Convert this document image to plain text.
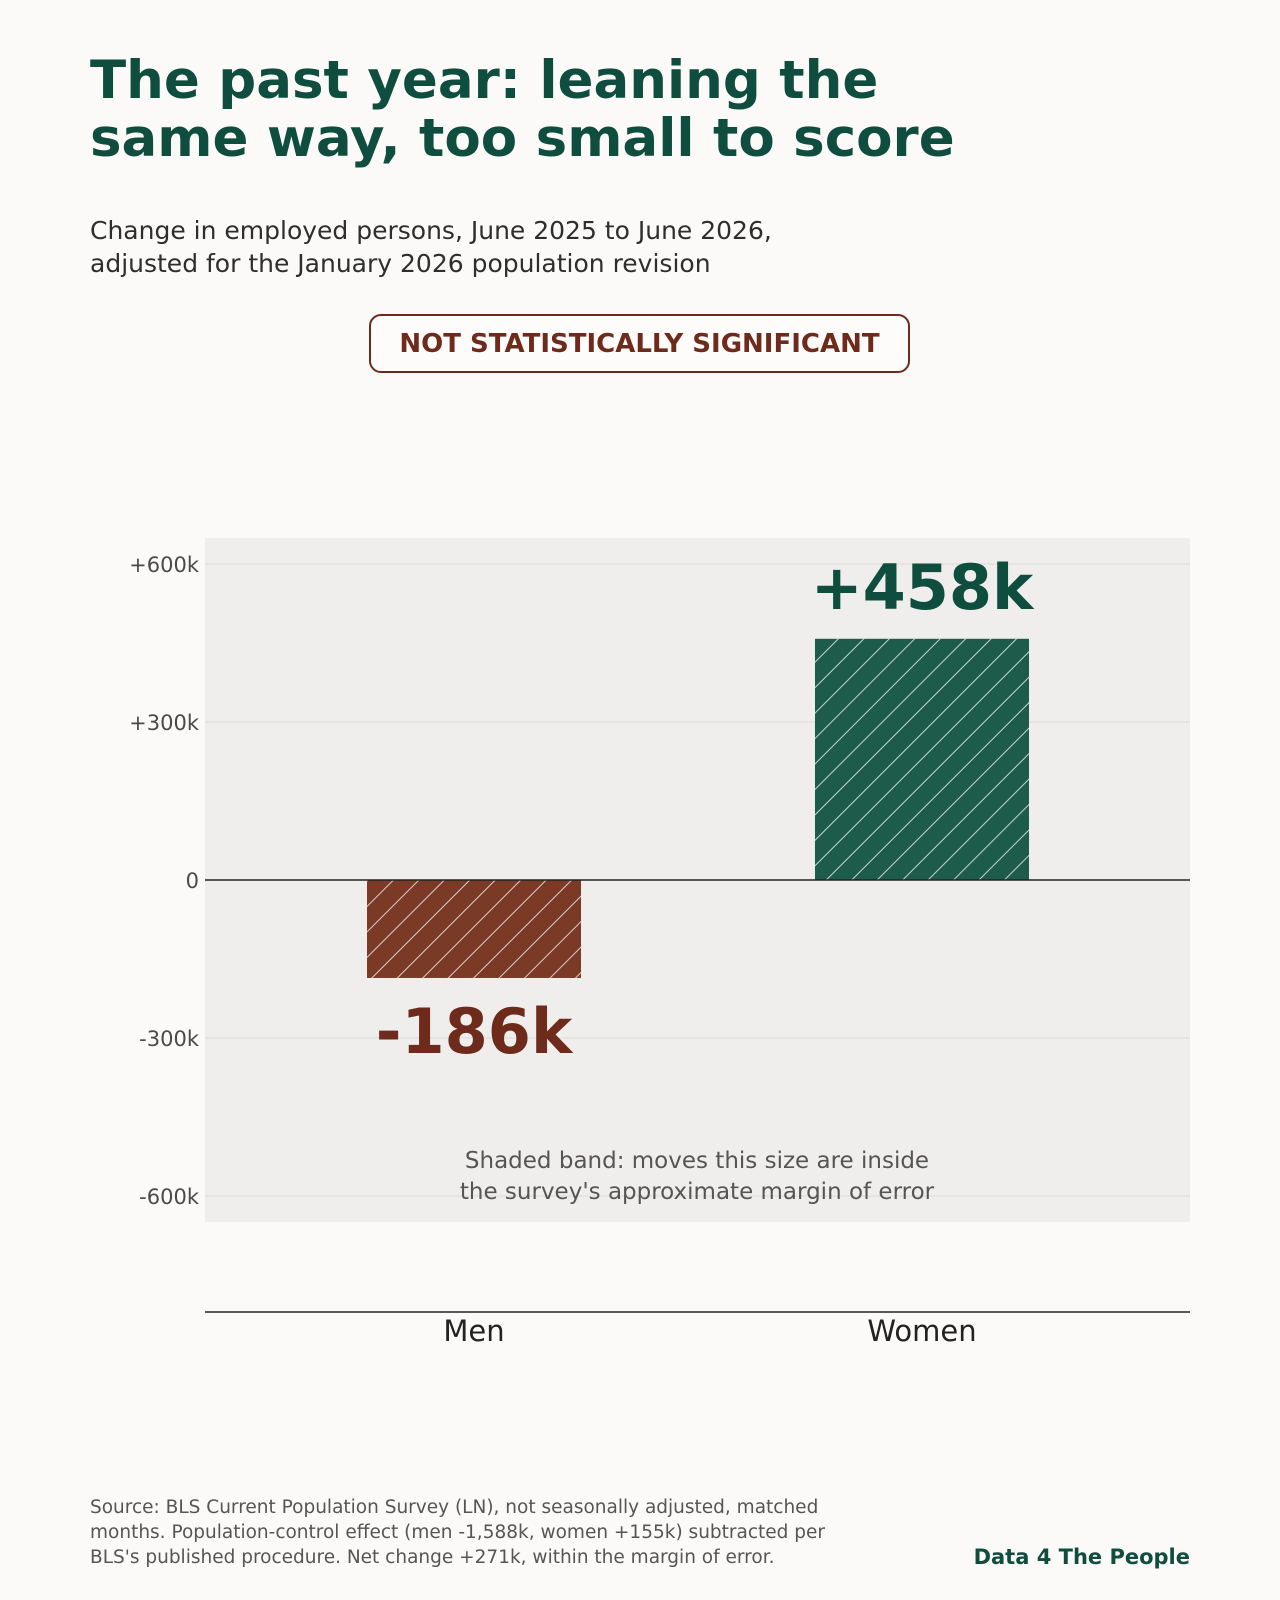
The past year: leaning the
same way, too small to score

Change in employed persons, June 2025 to June 2026,
adjusted for the January 2026 population revision

NOT STATISTICALLY SIGNIFICANT
+600k
+300k
0
-300k
-600k
-186k
+458k
Shaded band: moves this size are inside
the survey's approximate margin of error
Men	Women
Source: BLS Current Population Survey (LN), not seasonally adjusted, matched
months. Population-control effect (men -1,588k, women +155k) subtracted per
BLS's published procedure. Net change +271k, within the margin of error.	Data 4 The People
